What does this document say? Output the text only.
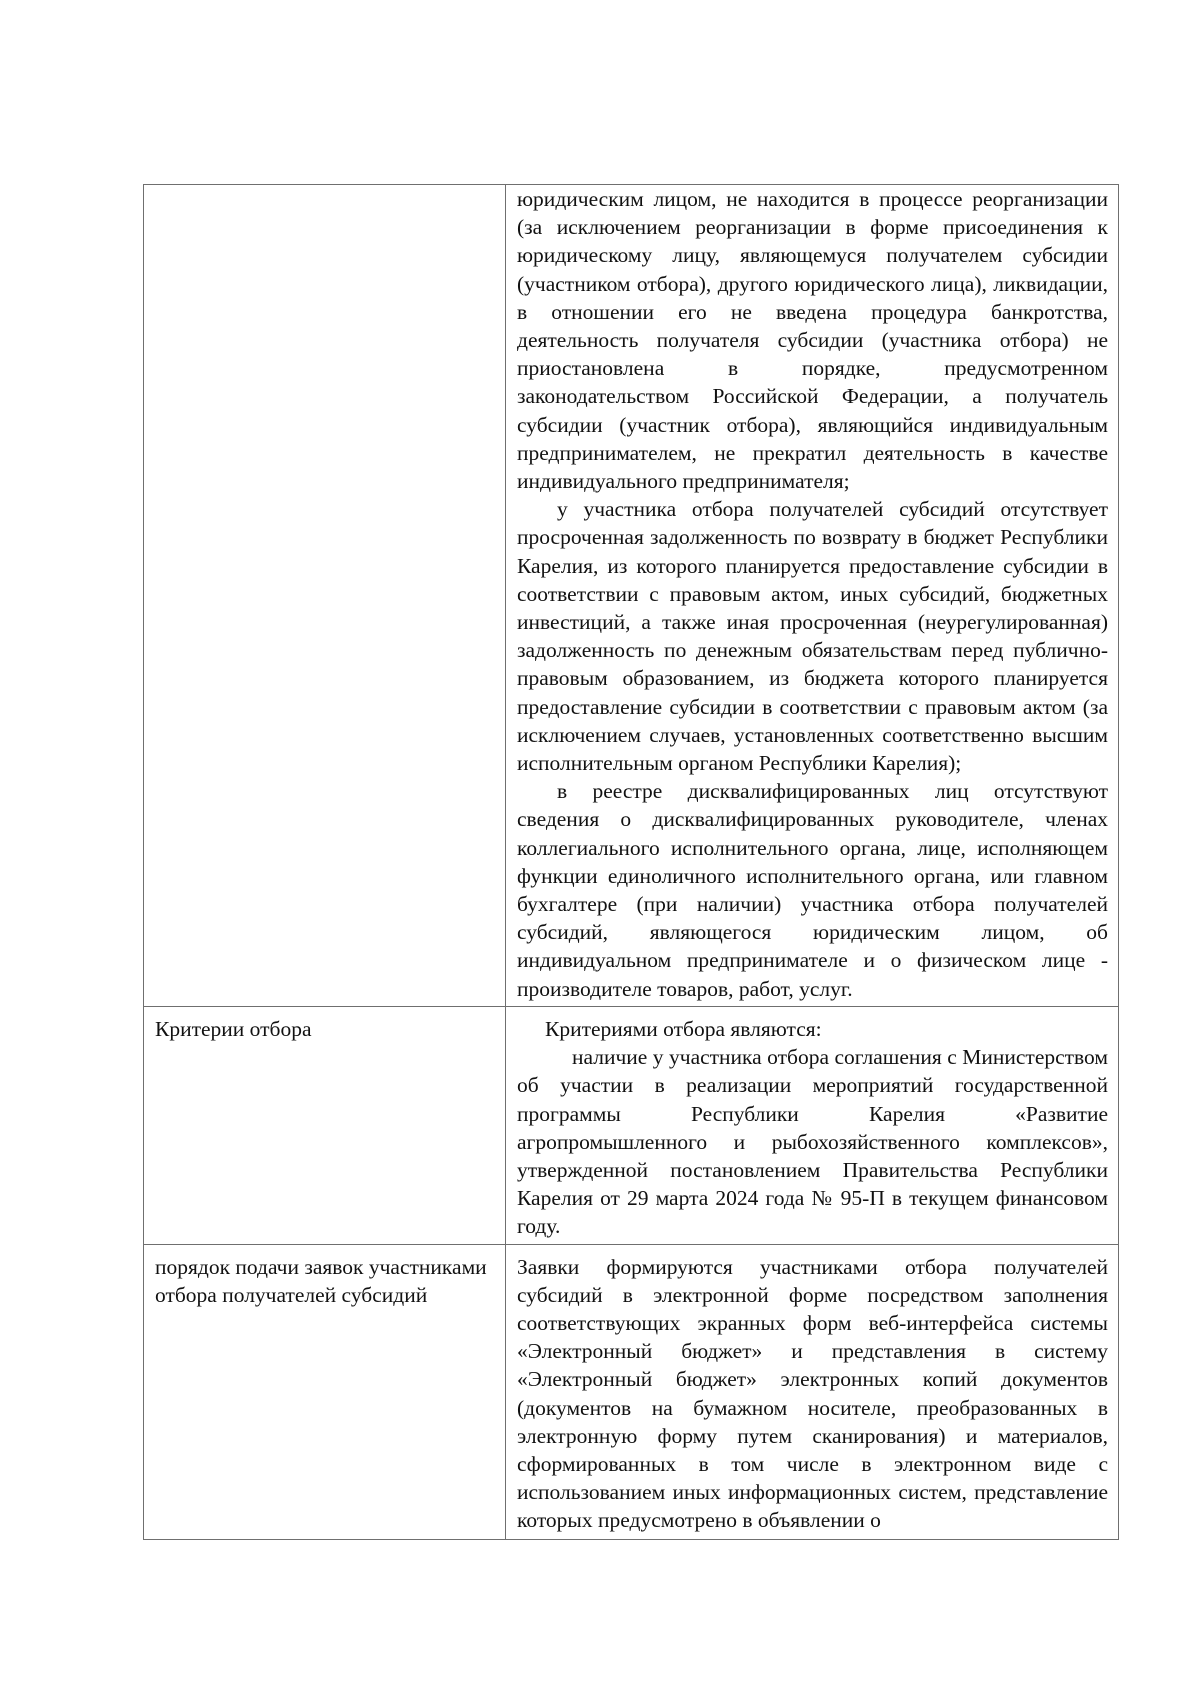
	юридическим лицом, не находится в процессе реорганизации (за исключением реорганизации в форме присоединения к юридическому лицу, являющемуся получателем субсидии (участником отбора), другого юридического лица), ликвидации, в отношении его не введена процедура банкротства, деятельность получателя субсидии (участника отбора) не приостановлена в порядке, предусмотренном законодательством Российской Федерации, а получатель субсидии (участник отбора), являющийся индивидуальным предпринимателем, не прекратил деятельность в качестве индивидуального предпринимателя;

у участника отбора получателей субсидий отсутствует просроченная задолженность по возврату в бюджет Республики Карелия, из которого планируется предоставление субсидии в соответствии с правовым актом, иных субсидий, бюджетных инвестиций, а также иная просроченная (неурегулированная) задолженность по денежным обязательствам перед публично-правовым образованием, из бюджета которого планируется предоставление субсидии в соответствии с правовым актом (за исключением случаев, установленных соответственно высшим исполнительным органом Республики Карелия);

в реестре дисквалифицированных лиц отсутствуют сведения о дисквалифицированных руководителе, членах коллегиального исполнительного органа, лице, исполняющем функции единоличного исполнительного органа, или главном бухгалтере (при наличии) участника отбора получателей субсидий, являющегося юридическим лицом, об индивидуальном предпринимателе и о физическом лице - производителе товаров, работ, услуг.

Критерии отбора	Критериями отбора являются:

наличие у участника отбора соглашения с Министерством об участии в реализации мероприятий государственной программы Республики Карелия «Развитие агропромышленного и рыбохозяйственного комплексов», утвержденной постановлением Правительства Республики Карелия от 29 марта 2024 года № 95-П в текущем финансовом году.

порядок подачи заявок участниками отбора получателей субсидий	Заявки формируются участниками отбора получателей субсидий в электронной форме посредством заполнения соответствующих экранных форм веб-интерфейса системы «Электронный бюджет» и представления в систему «Электронный бюджет» электронных копий документов (документов на бумажном носителе, преобразованных в электронную форму путем сканирования) и материалов, сформированных в том числе в электронном виде с использованием иных информационных систем, представление которых предусмотрено в объявлении о
